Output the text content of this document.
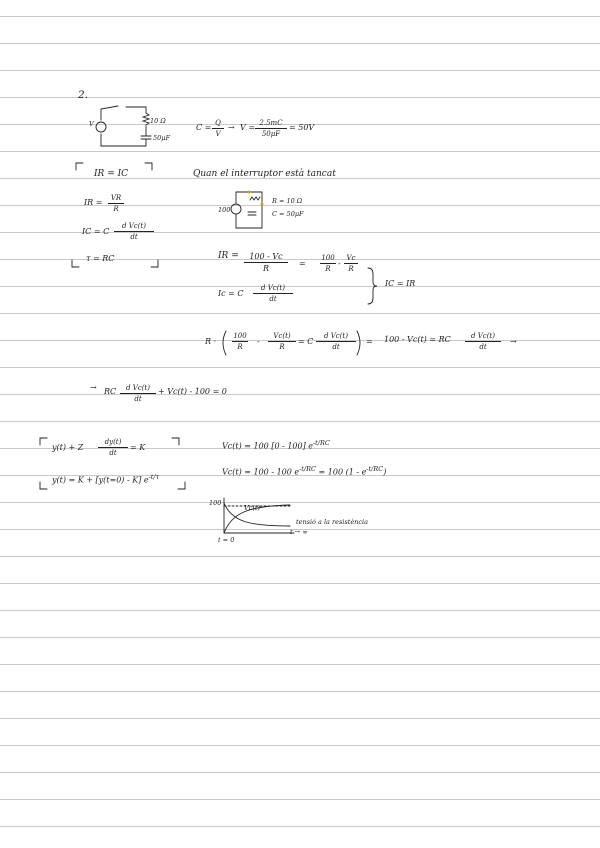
2.
V	10 Ω
50μF
C = Q
V
→ V = 2.5mC
50μF
= 50V
IR = IC
IR =	VR
R
IC = C
d Vc(t)
dt
τ = RC
Quan el interruptor està tancat
100
R = 10 Ω
C = 50μF
IR =	100 - Vc
R
=
100
R
-
Vc
R
Ic = C
d Vc(t)
dt
IC = IR
R ·
100
R
-
Vc(t)
R
= C
d Vc(t)
dt
= 100 - Vc(t) = RC	d Vc(t)
dt
→
→ RC	d Vc(t)
dt
+ Vc(t) - 100 = 0
y(t) + Z
dy(t)
dt
= K
y(t) = K + [y(t=0) - K] $e^{-t/\tau}$
Vc(t) = 100 [0 - 100] $e^{-t/RC}$
Vc(t) = 100 - 100 $e^{-t/RC} = 100$ $(1 - e^{-t/RC})$
100
Vc(t)
t = 0
t → ∞
tensió a la resistència
